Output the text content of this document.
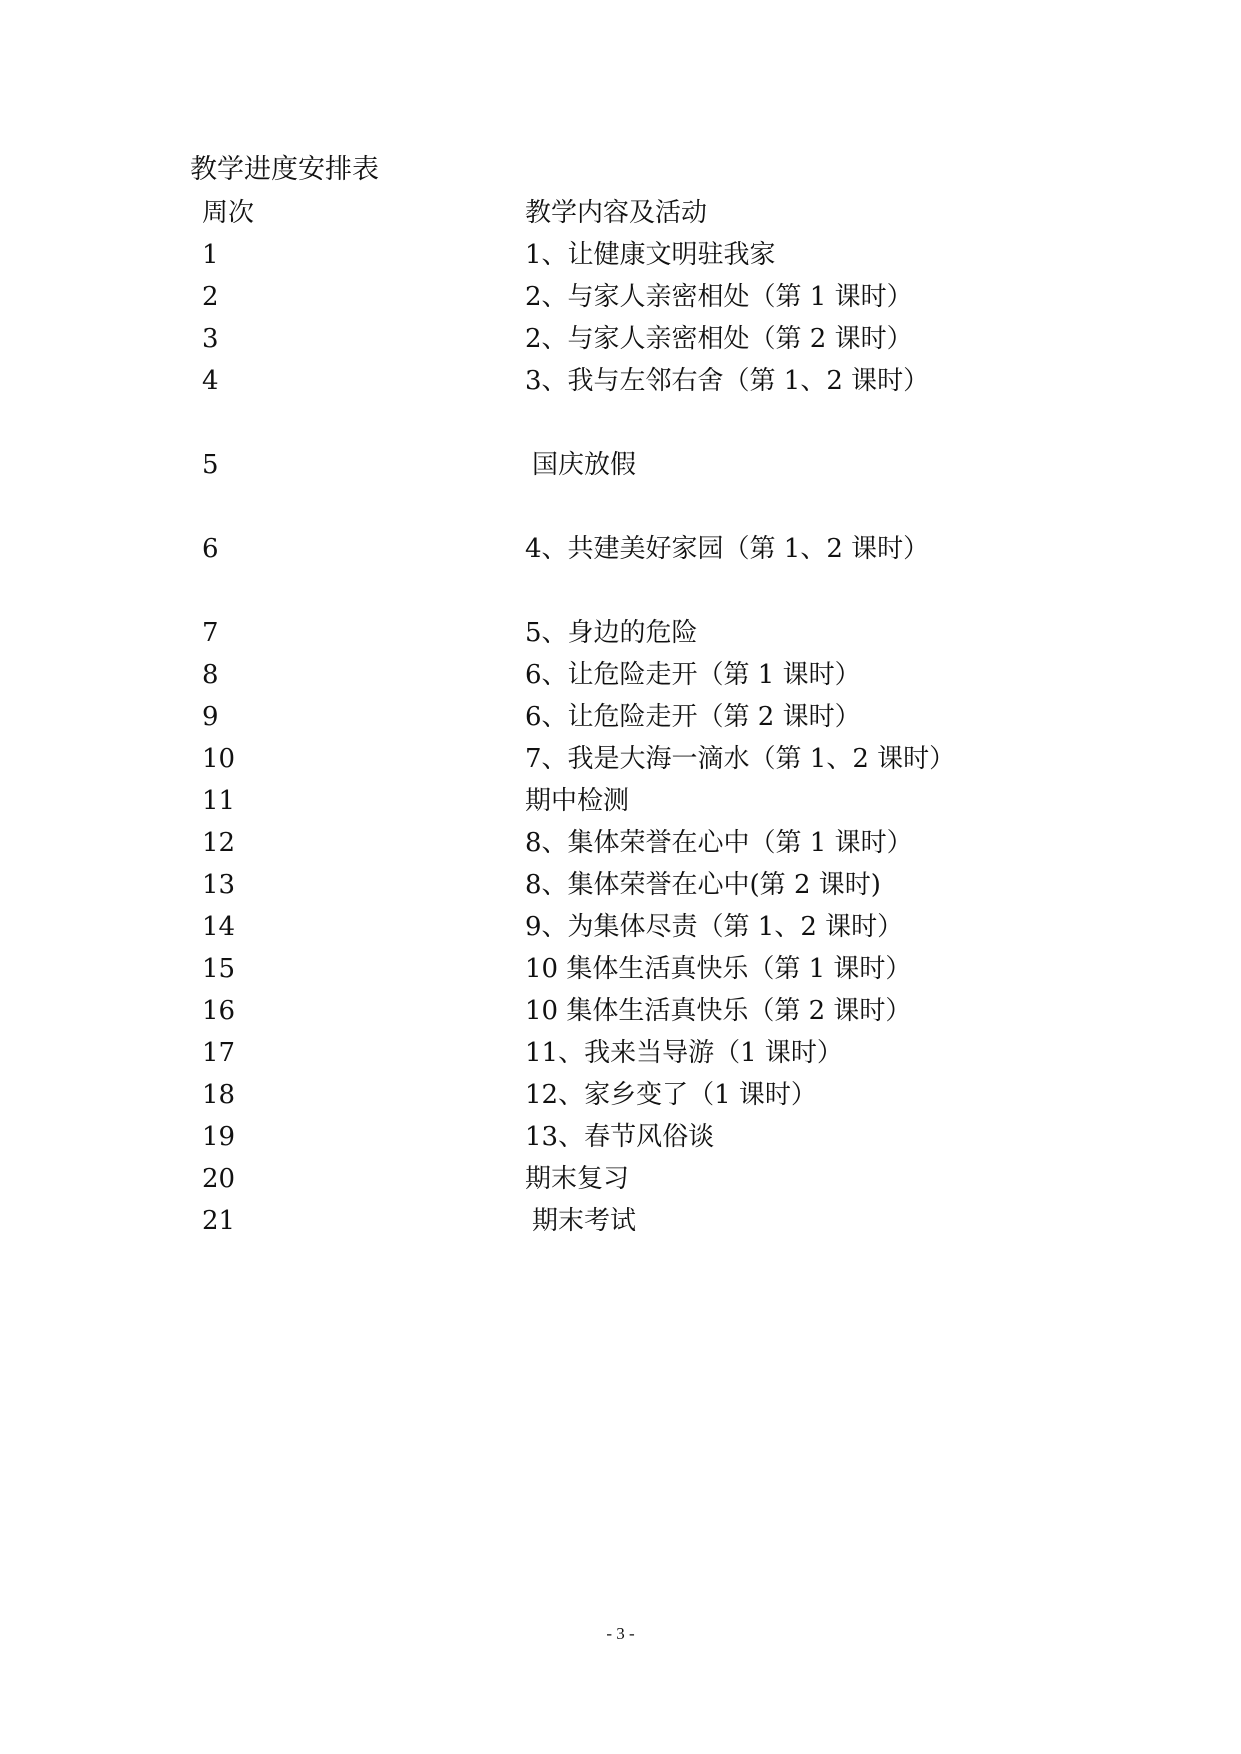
教学进度安排表
周次	教学内容及活动
1	1、让健康文明驻我家
2	2、与家人亲密相处（第 1 课时）
3	2、与家人亲密相处（第 2 课时）
4	3、我与左邻右舍（第 1、2 课时）
5	国庆放假
6	4、共建美好家园（第 1、2 课时）
7	5、身边的危险
8	6、让危险走开（第 1 课时）
9	6、让危险走开（第 2 课时）
10	7、我是大海一滴水（第 1、2 课时）
11	期中检测
12	8、集体荣誉在心中（第 1 课时）
13	8、集体荣誉在心中(第 2 课时)
14	9、为集体尽责（第 1、2 课时）
15	10 集体生活真快乐（第 1 课时）
16	10 集体生活真快乐（第 2 课时）
17	11、我来当导游（1 课时）
18	12、家乡变了（1 课时）
19	13、春节风俗谈
20	期末复习
21	期末考试
- 3 -
